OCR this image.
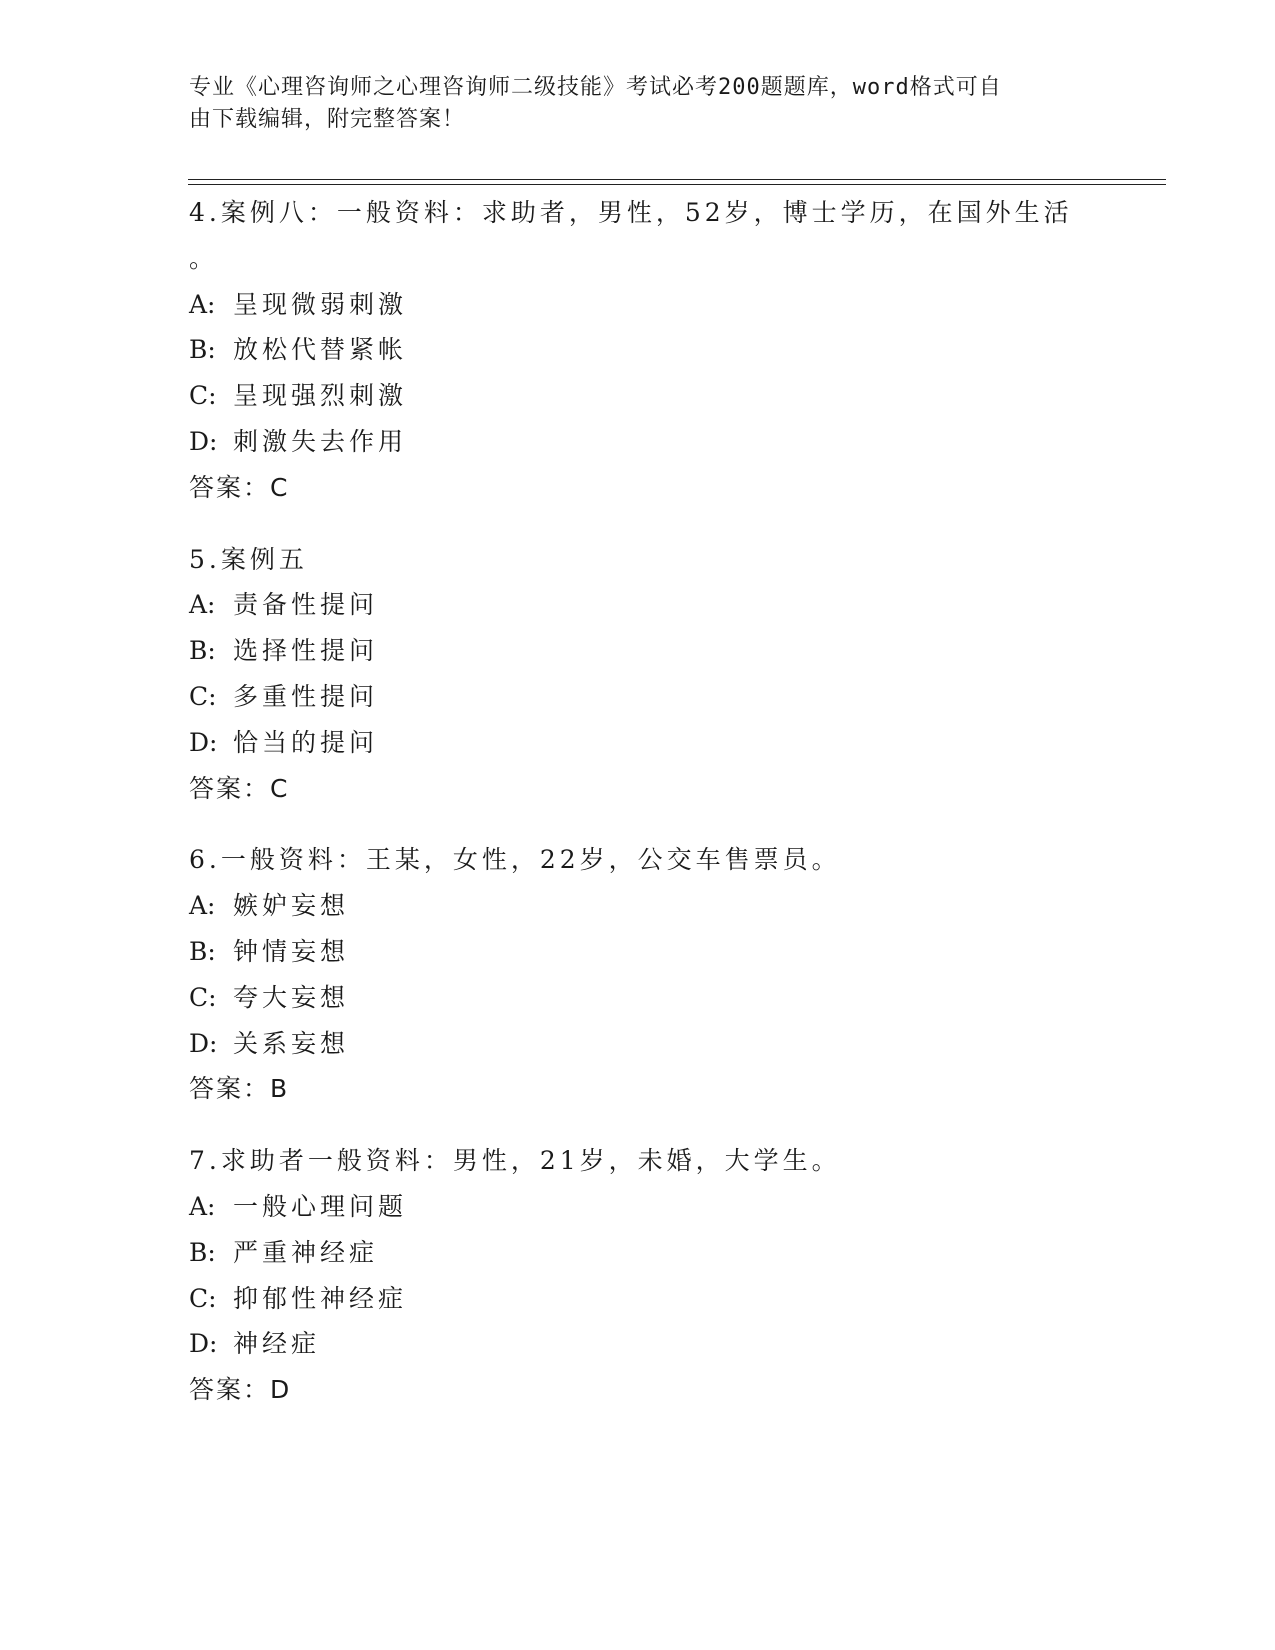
专业《心理咨询师之心理咨询师二级技能》考试必考200题题库，word格式可自
由下载编辑，附完整答案！
4.案例八：一般资料：求助者，男性，52岁，博士学历，在国外生活
。
A: 呈现微弱刺激
B: 放松代替紧帐
C: 呈现强烈刺激
D: 刺激失去作用
答案：C
5.案例五
A: 责备性提问
B: 选择性提问
C: 多重性提问
D: 恰当的提问
答案：C
6.一般资料：王某，女性，22岁，公交车售票员。
A: 嫉妒妄想
B: 钟情妄想
C: 夸大妄想
D: 关系妄想
答案：B
7.求助者一般资料：男性，21岁，未婚，大学生。
A: 一般心理问题
B: 严重神经症
C: 抑郁性神经症
D: 神经症
答案：D
